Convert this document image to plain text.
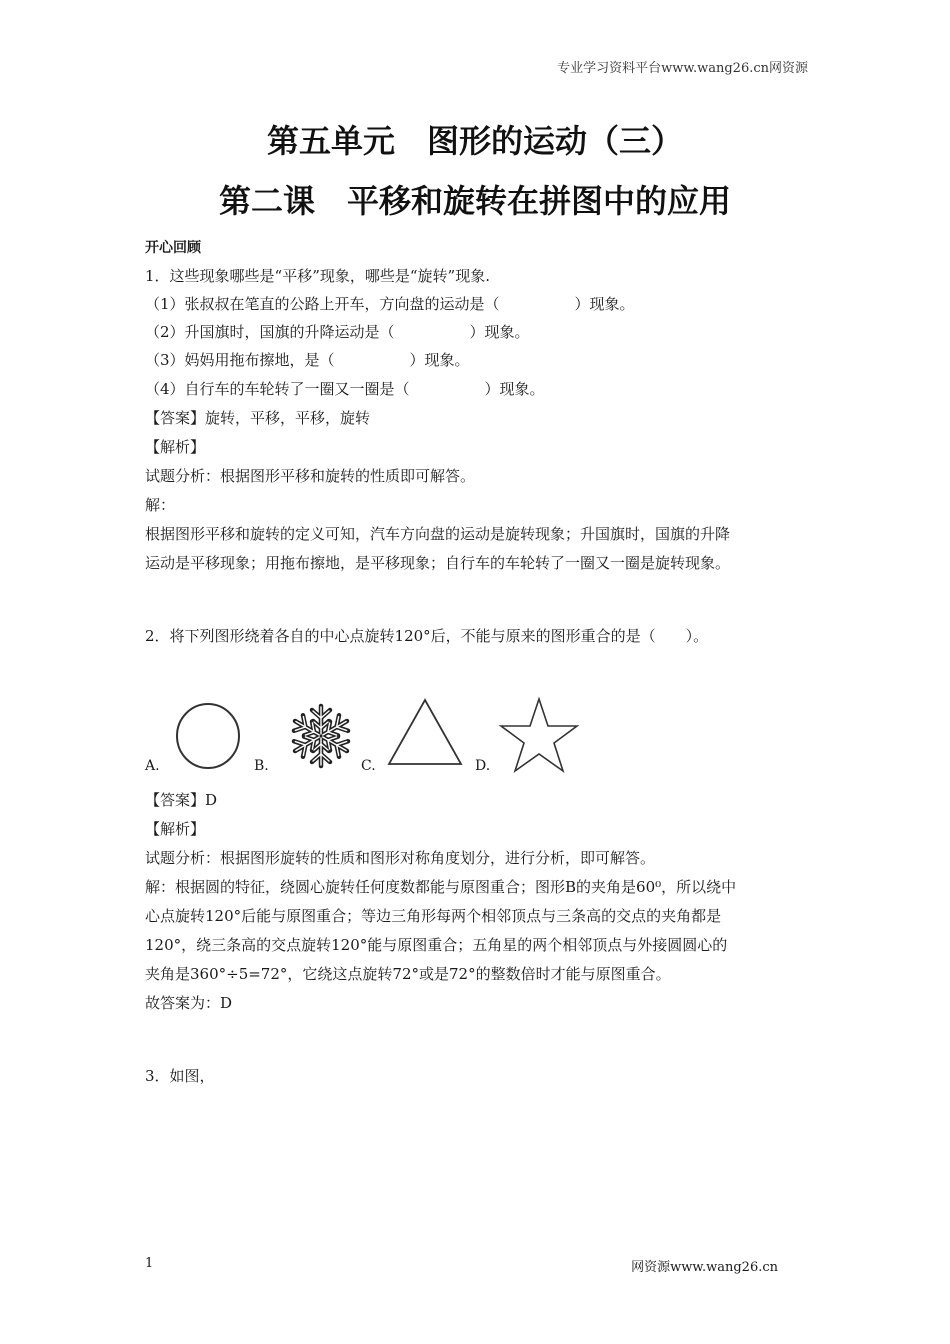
专业学习资料平台www.wang26.cn网资源
第五单元　图形的运动（三）
第二课　平移和旋转在拼图中的应用
开心回顾
1．这些现象哪些是“平移”现象，哪些是“旋转”现象.
（1）张叔叔在笔直的公路上开车，方向盘的运动是（　　　　　）现象。
（2）升国旗时，国旗的升降运动是（　　　　　）现象。
（3）妈妈用拖布擦地，是（　　　　　）现象。
（4）自行车的车轮转了一圈又一圈是（　　　　　）现象。
【答案】旋转，平移，平移，旋转
【解析】
试题分析：根据图形平移和旋转的性质即可解答。
解：
根据图形平移和旋转的定义可知，汽车方向盘的运动是旋转现象；升国旗时，国旗的升降
运动是平移现象；用拖布擦地，是平移现象；自行车的车轮转了一圈又一圈是旋转现象。
2．将下列图形绕着各自的中心点旋转120°后，不能与原来的图形重合的是（　　）。
A.	B.	C.	D.
【答案】D
【解析】
试题分析：根据图形旋转的性质和图形对称角度划分，进行分析，即可解答。
解：根据圆的特征，绕圆心旋转任何度数都能与原图重合；图形B的夹角是60⁰，所以绕中
心点旋转120°后能与原图重合；等边三角形每两个相邻顶点与三条高的交点的夹角都是
120°，绕三条高的交点旋转120°能与原图重合；五角星的两个相邻顶点与外接圆圆心的
夹角是360°÷5=72°，它绕这点旋转72°或是72°的整数倍时才能与原图重合。
故答案为：D
3．如图，
1	网资源www.wang26.cn
